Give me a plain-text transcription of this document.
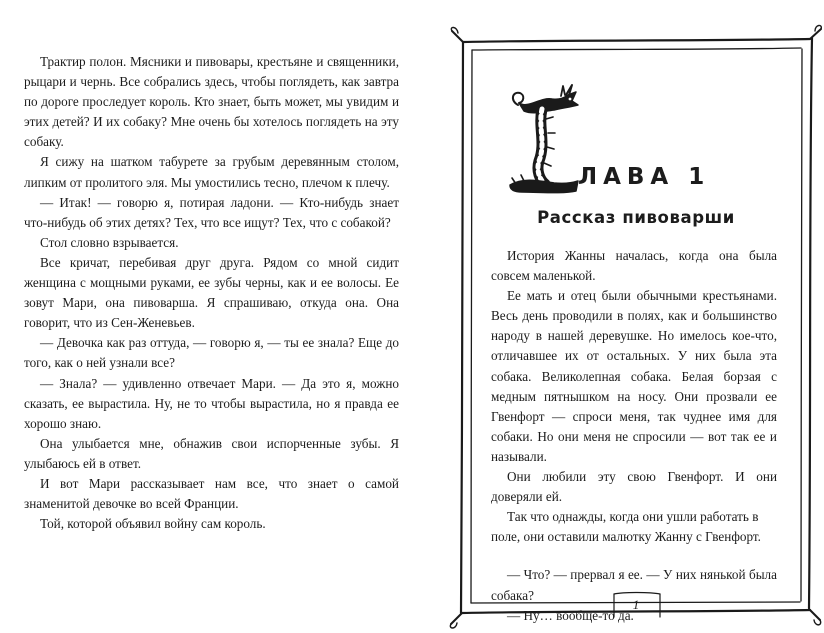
Трактир полон. Мясники и пивовары, крестьяне и священники, рыцари и чернь. Все собрались здесь, чтобы поглядеть, как завтра по дороге проследует король. Кто знает, быть может, мы увидим и этих детей? И их собаку? Мне очень бы хотелось поглядеть на эту собаку.

Я сижу на шатком табурете за грубым деревянным столом, липким от пролитого эля. Мы умостились тесно, плечом к плечу.

— Итак! — говорю я, потирая ладони. — Кто-нибудь знает что-нибудь об этих детях? Тех, что все ищут? Тех, что с собакой?

Стол словно взрывается.

Все кричат, перебивая друг друга. Рядом со мной сидит женщина с мощными руками, ее зубы черны, как и ее волосы. Ее зовут Мари, она пивоварша. Я спрашиваю, откуда она. Она говорит, что из Сен-Женевьев.

— Девочка как раз оттуда, — говорю я, — ты ее знала? Еще до того, как о ней узнали все?

— Знала? — удивленно отвечает Мари. — Да это я, можно сказать, ее вырастила. Ну, не то чтобы вырастила, но я правда ее хорошо знаю.

Она улыбается мне, обнажив свои испорченные зубы. Я улыбаюсь ей в ответ.

И вот Мари рассказывает нам все, что знает о самой знаменитой девочке во всей Франции.

Той, которой объявил войну сам король.

ЛАВА 1
Рассказ пивоварши

История Жанны началась, когда она была совсем маленькой.

Ее мать и отец были обычными крестьянами. Весь день проводили в полях, как и большинство народу в нашей деревушке. Но имелось кое-что, отличавшее их от остальных. У них была эта собака. Великолепная собака. Белая борзая с медным пятнышком на носу. Они прозвали ее Гвенфорт — спроси меня, так чуднее имя для собаки. Но они меня не спросили — вот так ее и называли.

Они любили эту свою Гвенфорт. И они доверяли ей.

Так что однажды, когда они ушли работать в поле, они оставили малютку Жанну с Гвенфорт.

— Что? — прервал я ее. — У них нянькой была собака?

— Ну… вообще-то да.

1
